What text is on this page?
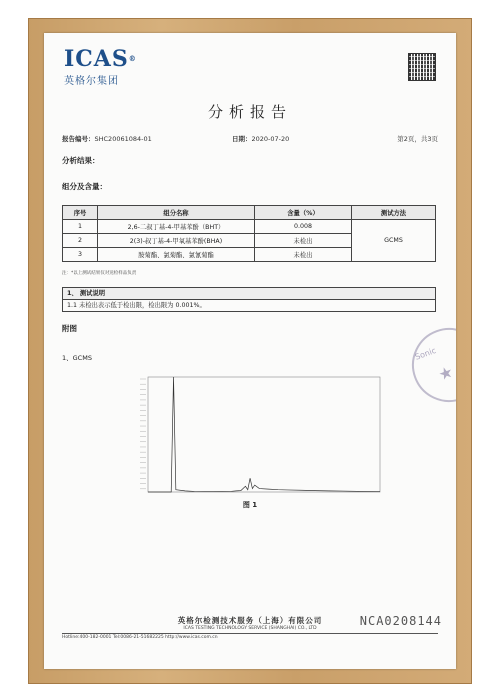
ICAS®
英格尔集团
分析报告
报告编号：SHC20061084-01	日期：2020-07-20	第2页，共3页
分析结果：
组分及含量：
序号	组分名称	含量（%）	测试方法
1	2,6-二叔丁基-4-甲基苯酚（BHT）	0.008	GCMS
2	2(3)-叔丁基-4-甲氧基苯酚(BHA)	未检出	
3	胺菊酯、氯菊酯、氯氰菊酯	未检出	
注：*以上测试结果仅对送检样品负责
1、 测试说明
1.1 未检出表示低于检出限，检出限为 0.001%。
附图
1、GCMS	Sonic
★
图 1
英格尔检测技术服务（上海）有限公司
ICAS TESTING TECHNOLOGY SERVICE (SHANGHAI) CO., LTD
Hotline:400-182-0001 Tel:0086-21-51682225 http://www.icas.com.cn
NCA0208144
